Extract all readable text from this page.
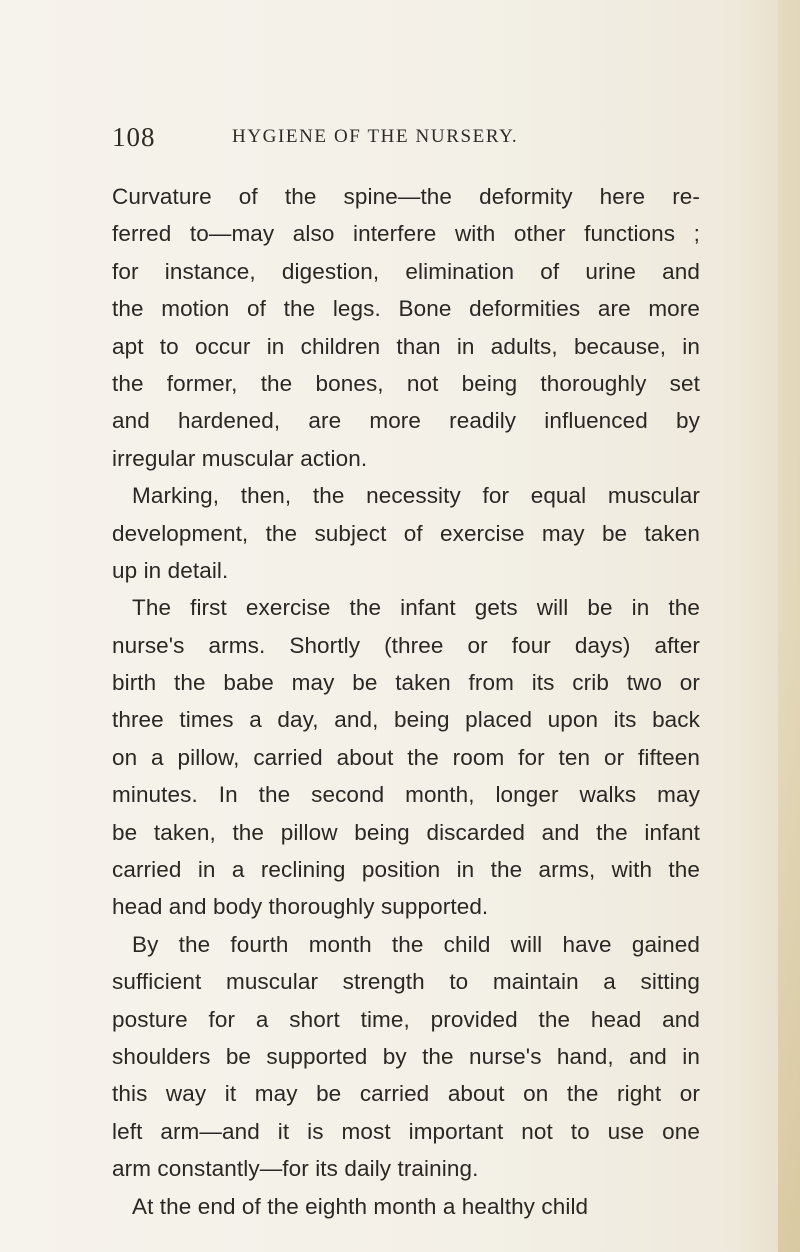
108	HYGIENE OF THE NURSERY.
Curvature of the spine—the deformity here re-
ferred to—may also interfere with other functions ;
for instance, digestion, elimination of urine and
the motion of the legs. Bone deformities are more
apt to occur in children than in adults, because, in
the former, the bones, not being thoroughly set
and hardened, are more readily influenced by
irregular muscular action.
Marking, then, the necessity for equal muscular
development, the subject of exercise may be taken
up in detail.
The first exercise the infant gets will be in the
nurse's arms. Shortly (three or four days) after
birth the babe may be taken from its crib two or
three times a day, and, being placed upon its back
on a pillow, carried about the room for ten or fifteen
minutes. In the second month, longer walks may
be taken, the pillow being discarded and the infant
carried in a reclining position in the arms, with the
head and body thoroughly supported.
By the fourth month the child will have gained
sufficient muscular strength to maintain a sitting
posture for a short time, provided the head and
shoulders be supported by the nurse's hand, and in
this way it may be carried about on the right or
left arm—and it is most important not to use one
arm constantly—for its daily training.
At the end of the eighth month a healthy child
